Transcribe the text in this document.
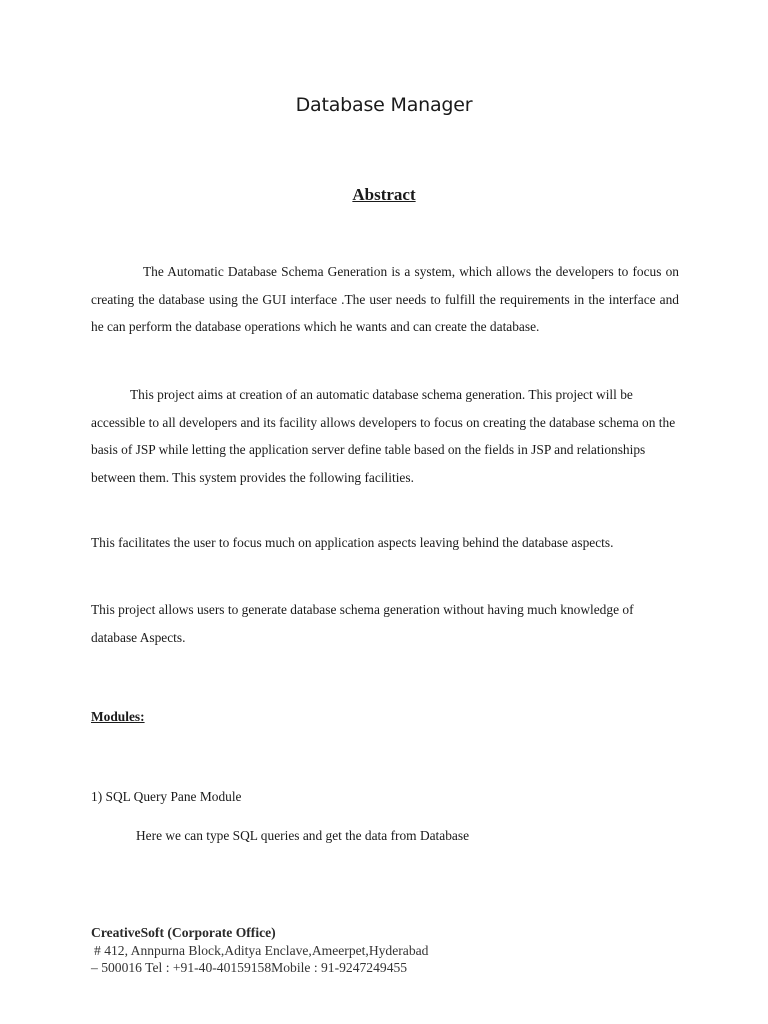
Database Manager
Abstract

The Automatic Database Schema Generation is a system, which allows the developers to focus on creating the database using the GUI interface .The user needs to fulfill the requirements in the interface and he can perform the database operations which he wants and can create the database.

This project aims at creation of an automatic database schema generation. This project will be accessible to all developers and its facility allows developers to focus on creating the database schema on the basis of JSP while letting the application server define table based on the fields in JSP and relationships between them. This system provides the following facilities.

This facilitates the user to focus much on application aspects leaving behind the database aspects.

This project allows users to generate database schema generation without having much knowledge of database Aspects.

Modules:
1) SQL Query Pane Module
Here we can type SQL queries and get the data from Database
CreativeSoft (Corporate Office)
# 412, Annpurna Block,Aditya Enclave,Ameerpet,Hyderabad
– 500016 Tel : +91-40-40159158Mobile : 91-9247249455
